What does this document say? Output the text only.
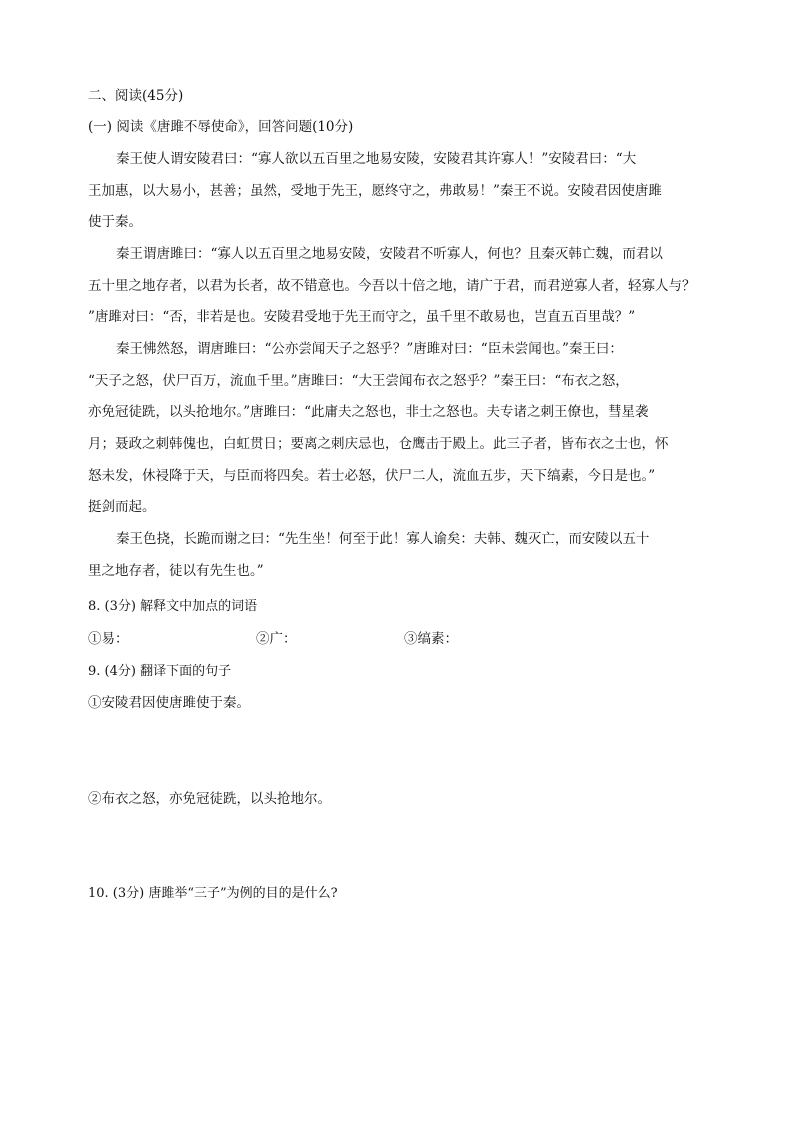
二、阅读(45分)
(一) 阅读《唐雎不辱使命》，回答问题(10分)
秦王使人谓安陵君曰：“寡人欲以五百里之地易安陵，安陵君其许寡人！”安陵君曰：“大
王加惠，以大易小，甚善；虽然，受地于先王，愿终守之，弗敢易！”秦王不说。安陵君因使唐雎
使于秦。
秦王谓唐雎曰：“寡人以五百里之地易安陵，安陵君不听寡人，何也？且秦灭韩亡魏，而君以
五十里之地存者，以君为长者，故不错意也。今吾以十倍之地，请广于君，而君逆寡人者，轻寡人与？
”唐雎对曰：“否，非若是也。安陵君受地于先王而守之，虽千里不敢易也，岂直五百里哉？”
秦王怫然怒，谓唐雎曰：“公亦尝闻天子之怒乎？”唐雎对曰：“臣未尝闻也。”秦王曰：
“天子之怒，伏尸百万，流血千里。”唐雎曰：“大王尝闻布衣之怒乎？”秦王曰：“布衣之怒，
亦免冠徒跣，以头抢地尔。”唐雎曰：“此庸夫之怒也，非士之怒也。夫专诸之刺王僚也，彗星袭
月；聂政之刺韩傀也，白虹贯日；要离之刺庆忌也，仓鹰击于殿上。此三子者，皆布衣之士也，怀
怒未发，休祲降于天，与臣而将四矣。若士必怒，伏尸二人，流血五步，天下缟素，今日是也。”
挺剑而起。
秦王色挠，长跪而谢之曰：“先生坐！何至于此！寡人谕矣：夫韩、魏灭亡，而安陵以五十
里之地存者，徒以有先生也。”
8. (3分) 解释文中加点的词语
①易：	②广：	③缟素：
9. (4分) 翻译下面的句子
①安陵君因使唐雎使于秦。
②布衣之怒，亦免冠徒跣，以头抢地尔。
10. (3分) 唐雎举“三子”为例的目的是什么?
